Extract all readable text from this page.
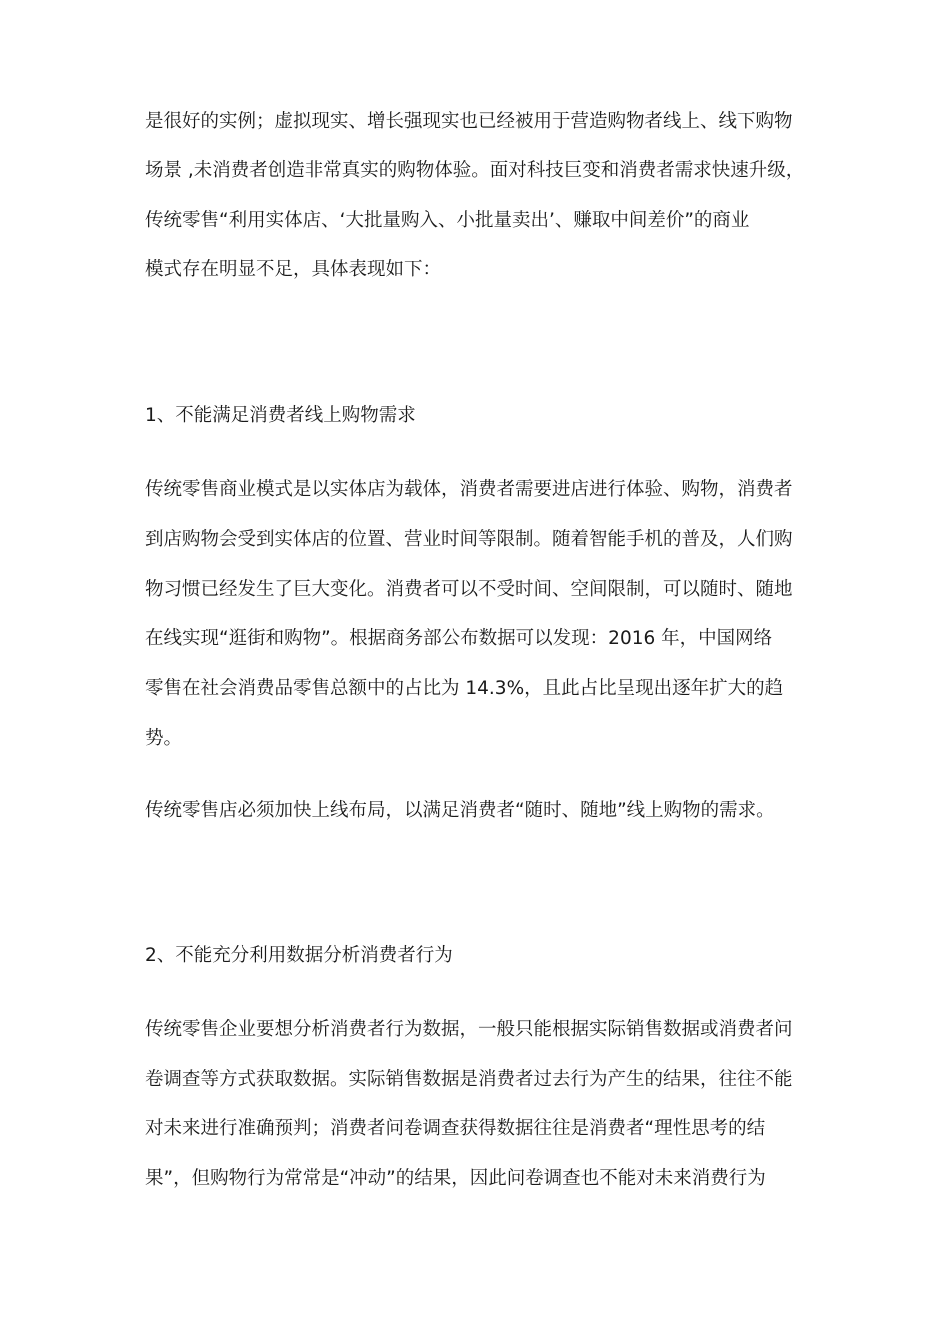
是很好的实例；虚拟现实、增长强现实也已经被用于营造购物者线上、线下购物
场景 ,未消费者创造非常真实的购物体验。面对科技巨变和消费者需求快速升级，
传统零售“利用实体店、‘大批量购入、小批量卖出’、赚取中间差价”的商业
模式存在明显不足，具体表现如下：
1、不能满足消费者线上购物需求
传统零售商业模式是以实体店为载体，消费者需要进店进行体验、购物，消费者
到店购物会受到实体店的位置、营业时间等限制。随着智能手机的普及，人们购
物习惯已经发生了巨大变化。消费者可以不受时间、空间限制，可以随时、随地
在线实现“逛街和购物”。根据商务部公布数据可以发现：2016 年，中国网络
零售在社会消费品零售总额中的占比为 14.3%，且此占比呈现出逐年扩大的趋
势。
传统零售店必须加快上线布局，以满足消费者“随时、随地”线上购物的需求。
2、不能充分利用数据分析消费者行为
传统零售企业要想分析消费者行为数据，一般只能根据实际销售数据或消费者问
卷调查等方式获取数据。实际销售数据是消费者过去行为产生的结果，往往不能
对未来进行准确预判；消费者问卷调查获得数据往往是消费者“理性思考的结
果”，但购物行为常常是“冲动”的结果，因此问卷调查也不能对未来消费行为
